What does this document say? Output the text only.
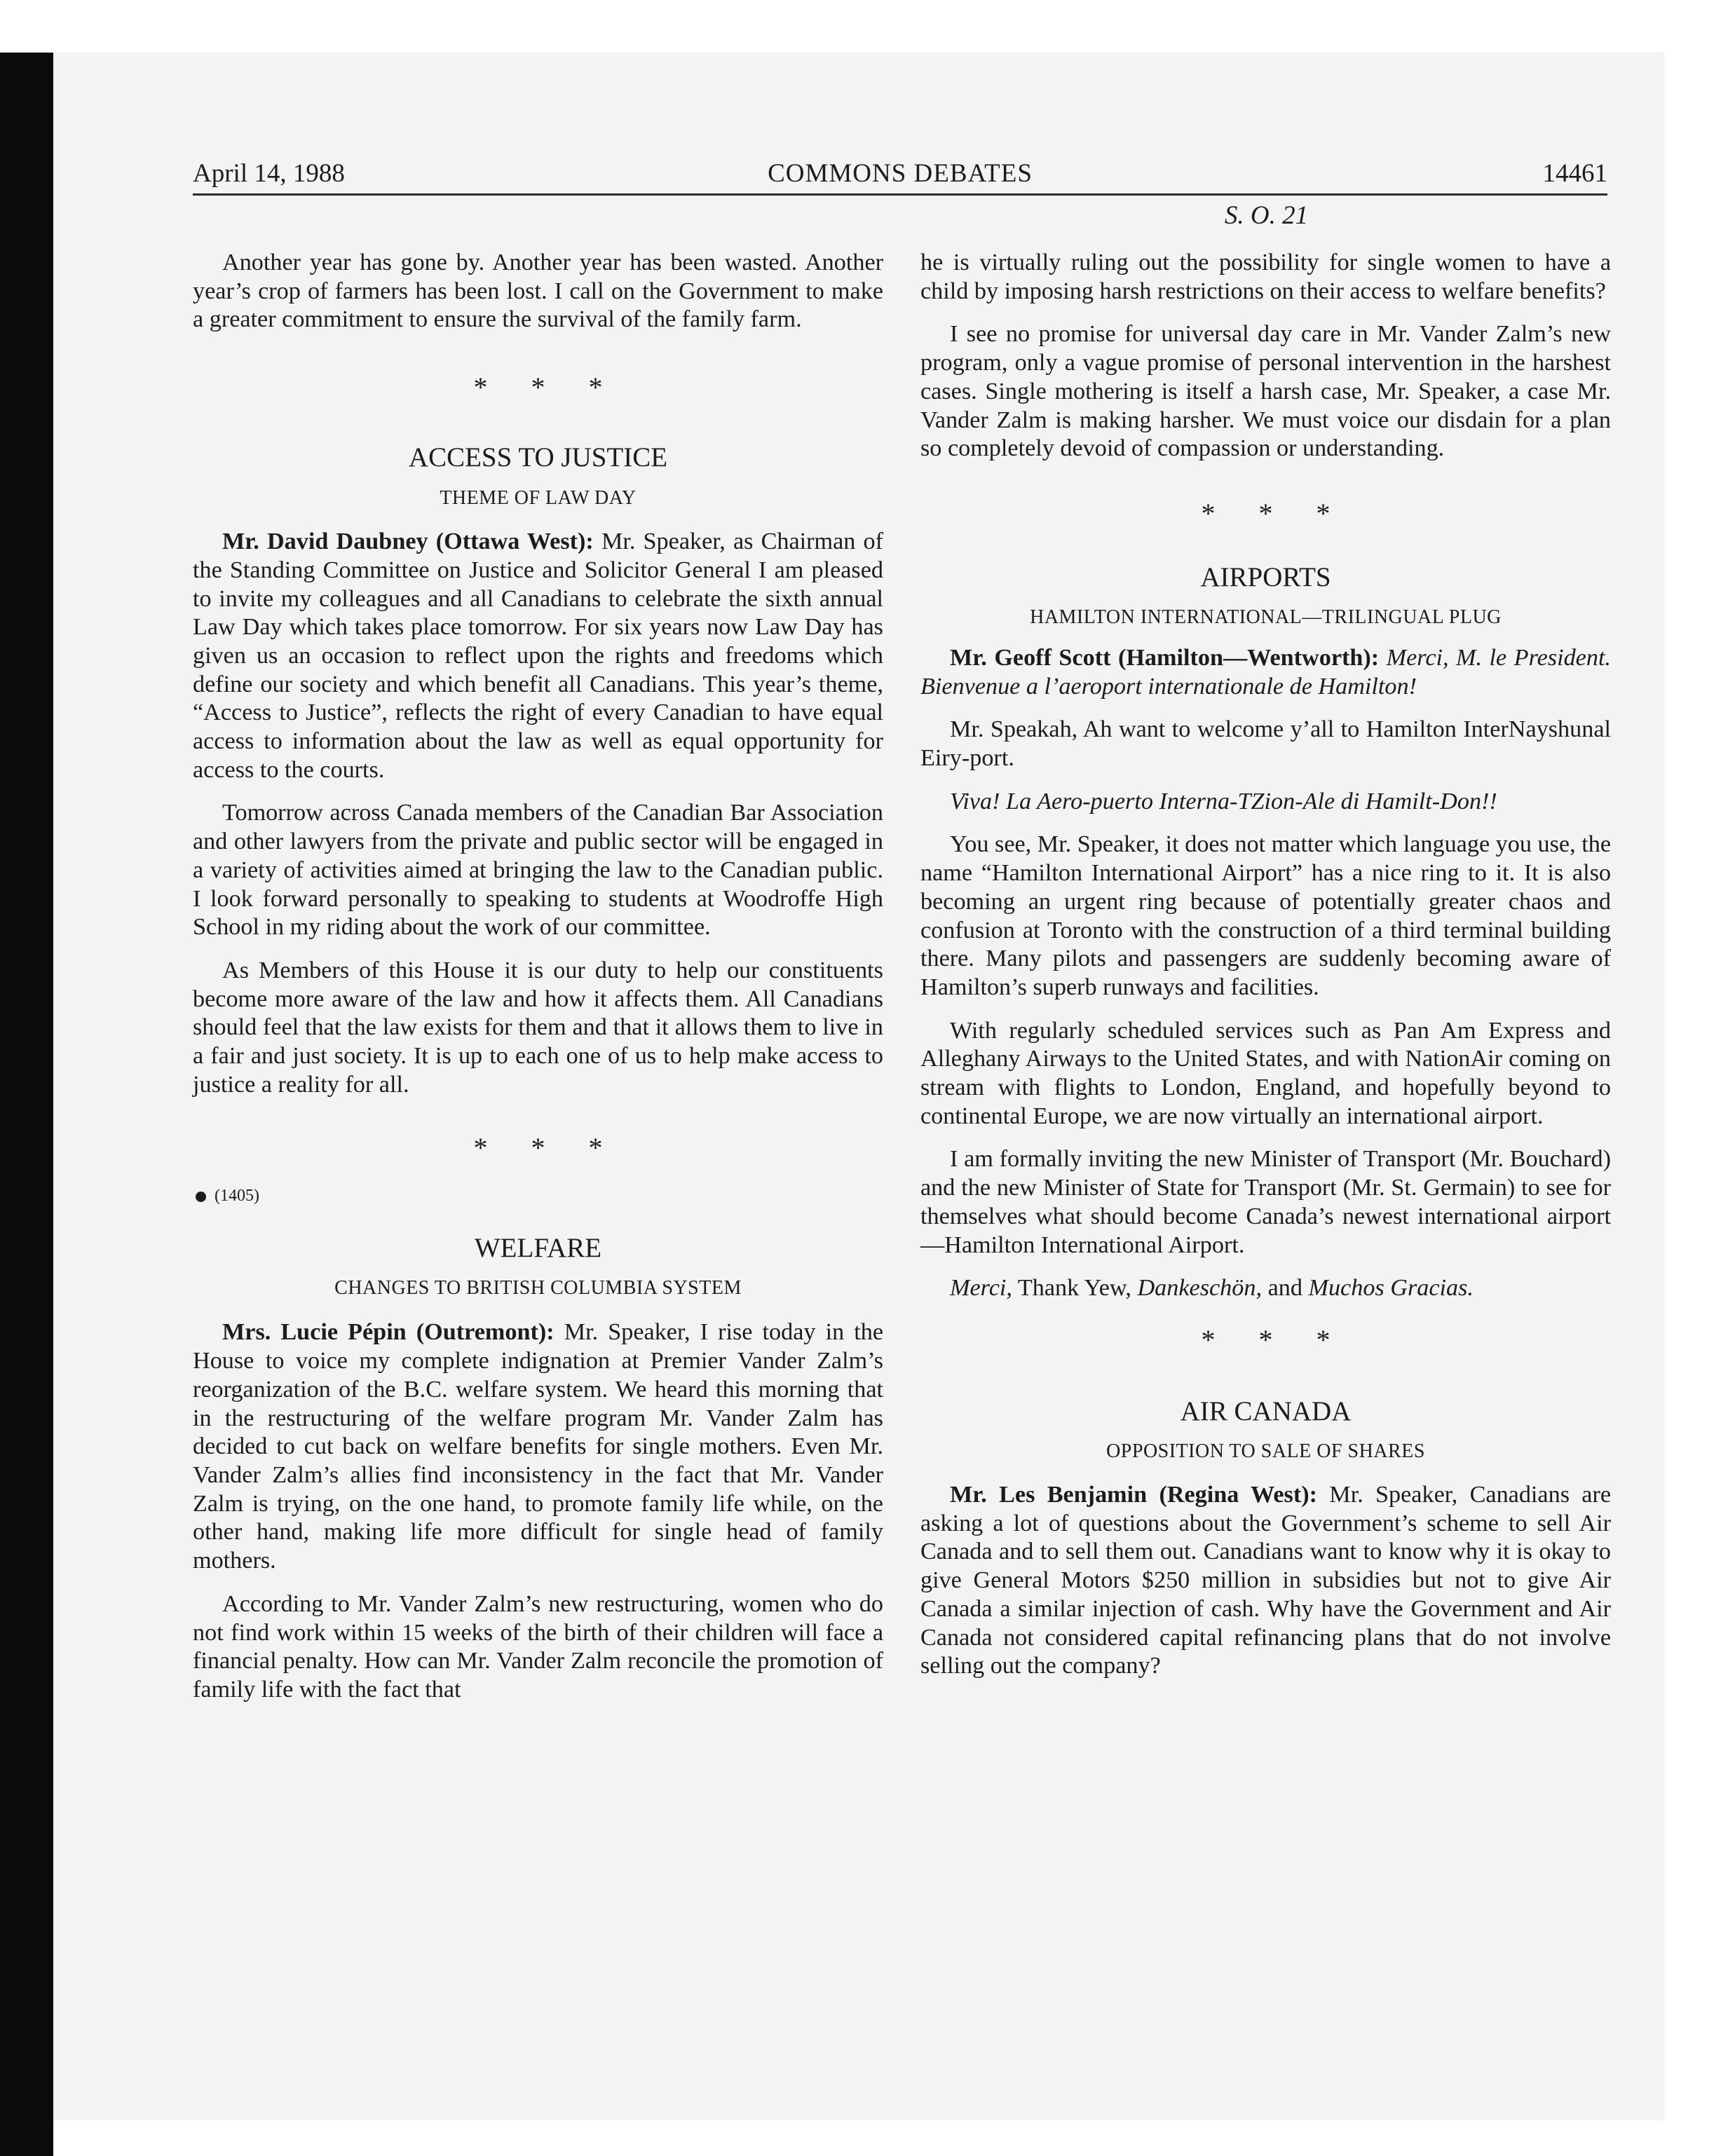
April 14, 1988	COMMONS DEBATES	14461
S. O. 21

Another year has gone by. Another year has been wasted. Another year’s crop of farmers has been lost. I call on the Government to make a greater commitment to ensure the survival of the family farm.

* * *
ACCESS TO JUSTICE
THEME OF LAW DAY

Mr. David Daubney (Ottawa West): Mr. Speaker, as Chairman of the Standing Committee on Justice and Solicitor General I am pleased to invite my colleagues and all Canadians to celebrate the sixth annual Law Day which takes place tomorrow. For six years now Law Day has given us an occasion to reflect upon the rights and freedoms which define our society and which benefit all Canadians. This year’s theme, “Access to Justice”, reflects the right of every Canadian to have equal access to information about the law as well as equal opportunity for access to the courts.

Tomorrow across Canada members of the Canadian Bar Association and other lawyers from the private and public sector will be engaged in a variety of activities aimed at bringing the law to the Canadian public. I look forward personally to speaking to students at Woodroffe High School in my riding about the work of our committee.

As Members of this House it is our duty to help our constituents become more aware of the law and how it affects them. All Canadians should feel that the law exists for them and that it allows them to live in a fair and just society. It is up to each one of us to help make access to justice a reality for all.

* * *
(1405)
WELFARE
CHANGES TO BRITISH COLUMBIA SYSTEM

Mrs. Lucie Pépin (Outremont): Mr. Speaker, I rise today in the House to voice my complete indignation at Premier Vander Zalm’s reorganization of the B.C. welfare system. We heard this morning that in the restructuring of the welfare program Mr. Vander Zalm has decided to cut back on welfare benefits for single mothers. Even Mr. Vander Zalm’s allies find inconsistency in the fact that Mr. Vander Zalm is trying, on the one hand, to promote family life while, on the other hand, making life more difficult for single head of family mothers.

According to Mr. Vander Zalm’s new restructuring, women who do not find work within 15 weeks of the birth of their children will face a financial penalty. How can Mr. Vander Zalm reconcile the promotion of family life with the fact that

he is virtually ruling out the possibility for single women to have a child by imposing harsh restrictions on their access to welfare benefits?

I see no promise for universal day care in Mr. Vander Zalm’s new program, only a vague promise of personal intervention in the harshest cases. Single mothering is itself a harsh case, Mr. Speaker, a case Mr. Vander Zalm is making harsher. We must voice our disdain for a plan so completely devoid of compassion or understanding.

* * *
AIRPORTS
HAMILTON INTERNATIONAL—TRILINGUAL PLUG

Mr. Geoff Scott (Hamilton—Wentworth): Merci, M. le President. Bienvenue a l’aeroport internationale de Hamilton!

Mr. Speakah, Ah want to welcome y’all to Hamilton InterNayshunal Eiry-port.

Viva! La Aero-puerto Interna-TZion-Ale di Hamilt-Don!!

You see, Mr. Speaker, it does not matter which language you use, the name “Hamilton International Airport” has a nice ring to it. It is also becoming an urgent ring because of potentially greater chaos and confusion at Toronto with the construction of a third terminal building there. Many pilots and passengers are suddenly becoming aware of Hamilton’s superb runways and facilities.

With regularly scheduled services such as Pan Am Express and Alleghany Airways to the United States, and with NationAir coming on stream with flights to London, England, and hopefully beyond to continental Europe, we are now virtually an international airport.

I am formally inviting the new Minister of Transport (Mr. Bouchard) and the new Minister of State for Transport (Mr. St. Germain) to see for themselves what should become Canada’s newest international airport—Hamilton International Airport.

Merci, Thank Yew, Dankeschön, and Muchos Gracias.

* * *
AIR CANADA
OPPOSITION TO SALE OF SHARES

Mr. Les Benjamin (Regina West): Mr. Speaker, Canadians are asking a lot of questions about the Government’s scheme to sell Air Canada and to sell them out. Canadians want to know why it is okay to give General Motors $250 million in subsidies but not to give Air Canada a similar injection of cash. Why have the Government and Air Canada not considered capital refinancing plans that do not involve selling out the company?
